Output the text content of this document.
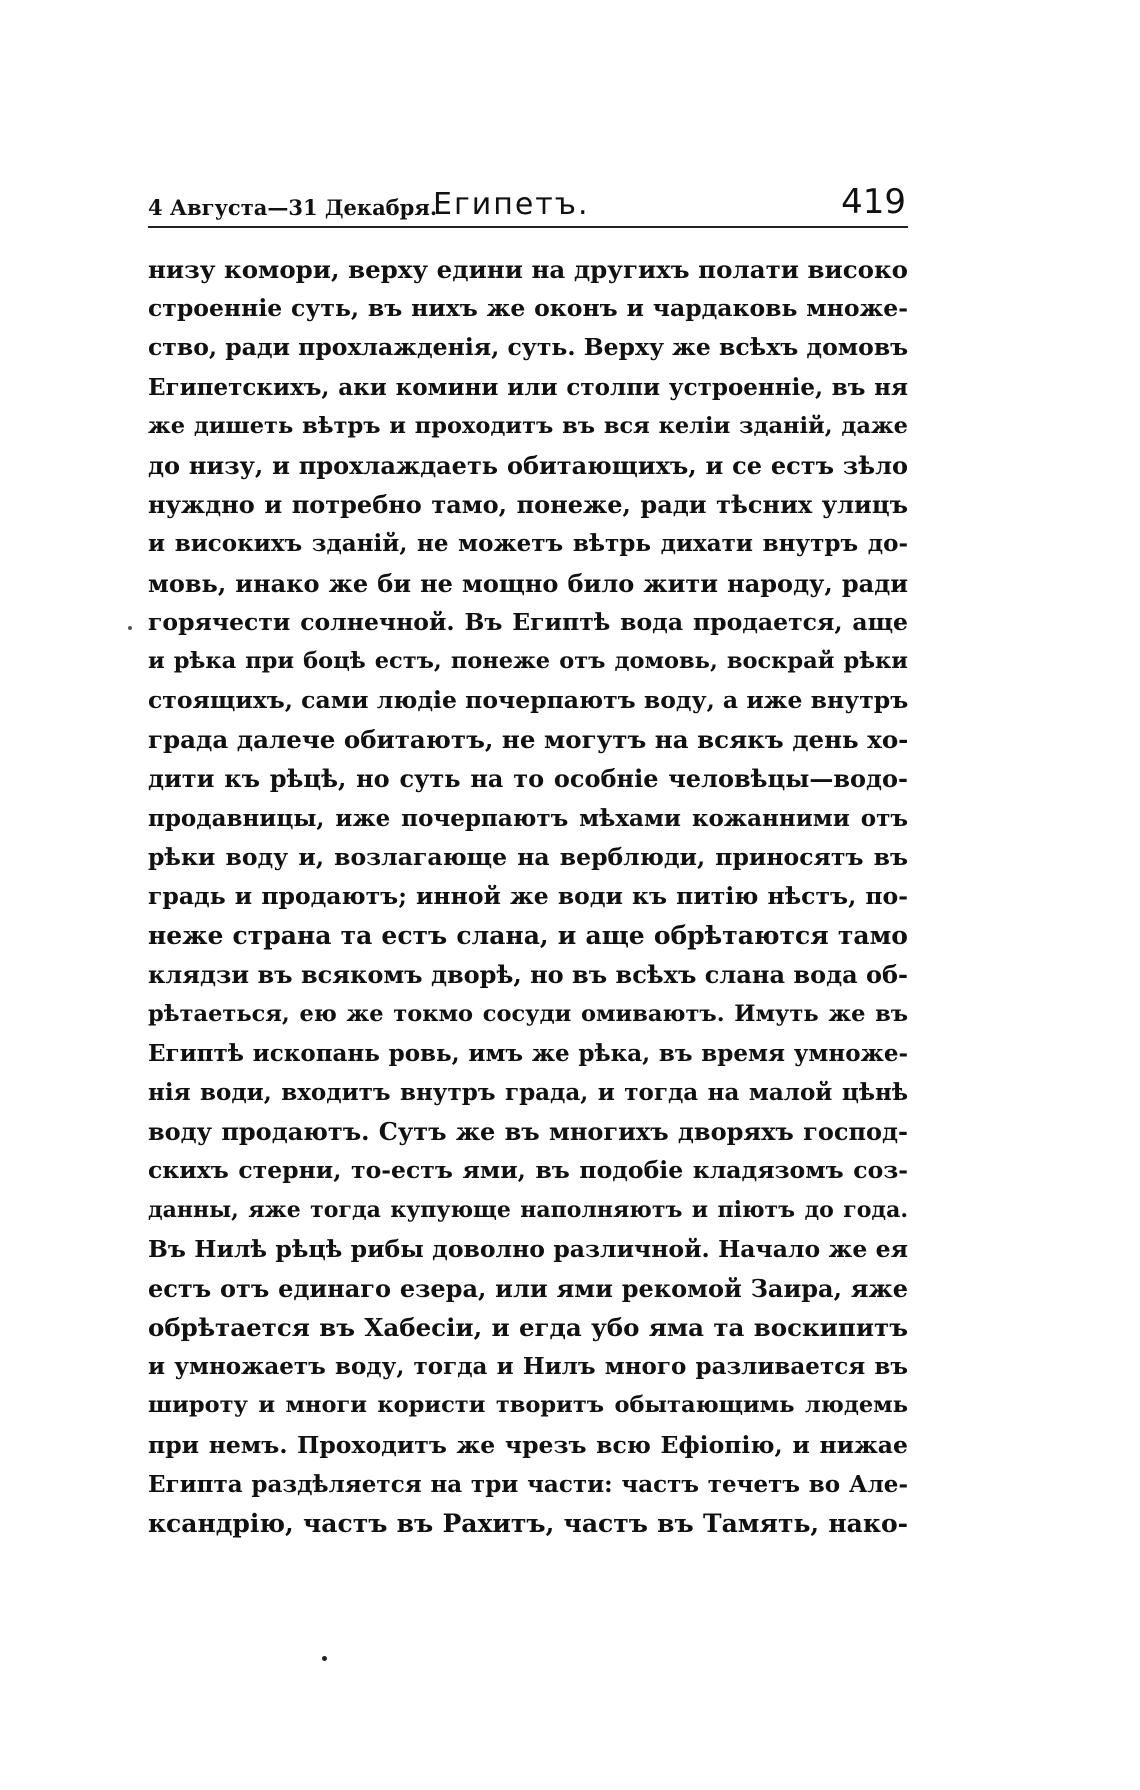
4 Августа—31 Декабря.
Египетъ.	419
низу комори, верху едини на другихъ полати високо
строенніе суть, въ нихъ же оконъ и чардаковь множе-
ство, ради прохлажденія, суть. Верху же всѣхъ домовъ
Египетскихъ, аки комини или столпи устроенніе, въ ня
же дишеть вѣтръ и проходитъ въ вся келіи зданій, даже
до низу, и прохлаждаеть обитающихъ, и се естъ зѣло
нуждно и потребно тамо, понеже, ради тѣсних улицъ
и високихъ зданій, не можетъ вѣтрь дихати внутръ до-
мовь, инако же би не мощно било жити народу, ради
горячести солнечной. Въ Египтѣ вода продается, аще
и рѣка при боцѣ естъ, понеже отъ домовь, воскрай рѣки
стоящихъ, сами людіе почерпаютъ воду, а иже внутръ
града далече обитаютъ, не могутъ на всякъ день хо-
дити къ рѣцѣ, но суть на то особніе человѣцы—водо-
продавницы, иже почерпаютъ мѣхами кожанними отъ
рѣки воду и, возлагающе на верблюди, приносятъ въ
градь и продаютъ; инной же води къ питію нѣстъ, по-
неже страна та естъ слана, и аще обрѣтаются тамо
клядзи въ всякомъ дворѣ, но въ всѣхъ слана вода об-
рѣтаеться, ею же токмо сосуди омиваютъ. Имуть же въ
Египтѣ ископань ровь, имъ же рѣка, въ время умноже-
нія води, входитъ внутръ града, и тогда на малой цѣнѣ
воду продаютъ. Сутъ же въ многихъ дворяхъ господ-
скихъ стерни, то-естъ ями, въ подобіе кладязомъ соз-
данны, яже тогда купующе наполняютъ и піютъ до года.
Въ Нилѣ рѣцѣ рибы доволно различной. Начало же ея
естъ отъ единаго езера, или ями рекомой Заира, яже
обрѣтается въ Хабесіи, и егда убо яма та воскипитъ
и умножаетъ воду, тогда и Нилъ много разливается въ
широту и многи користи творитъ обытающимь людемь
при немъ. Проходитъ же чрезъ всю Ефіопію, и нижае
Египта раздѣляется на три части: частъ течетъ во Але-
ксандрію, частъ въ Рахитъ, частъ въ Тамять, нако-
